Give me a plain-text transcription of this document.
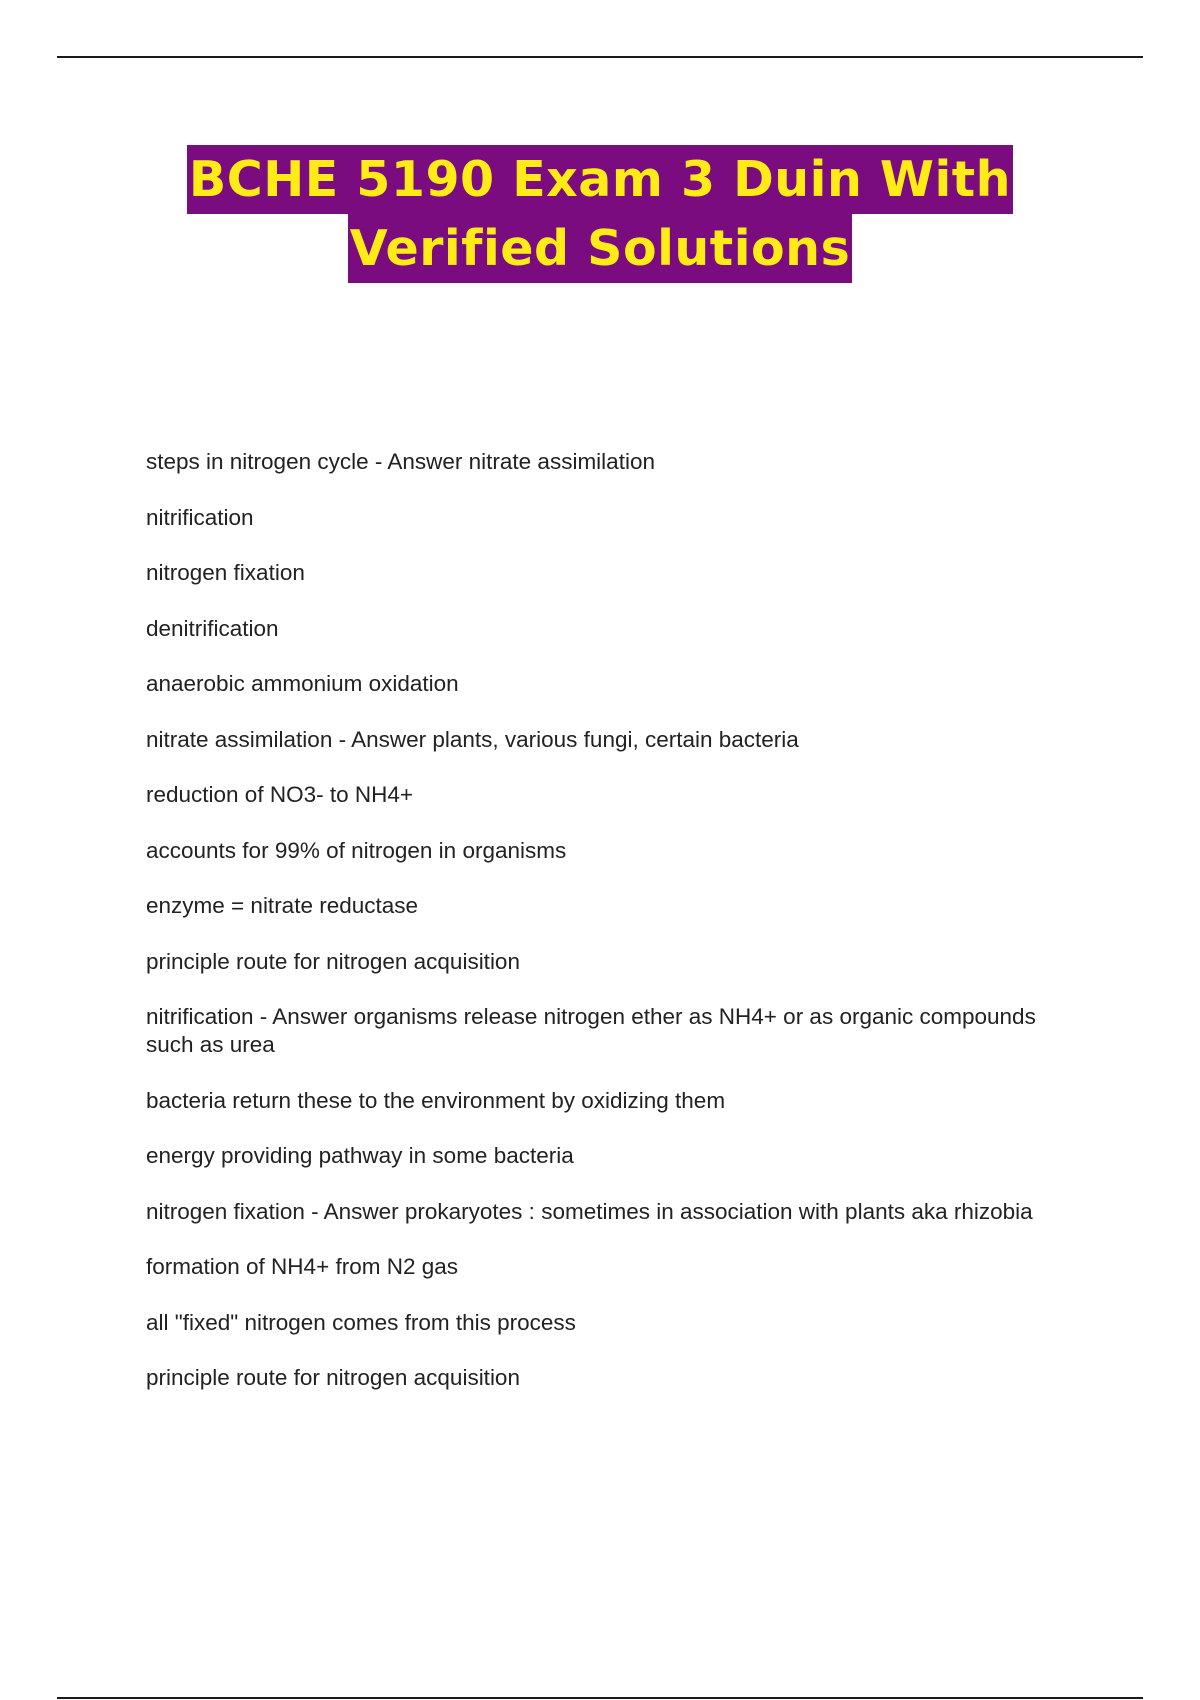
BCHE 5190 Exam 3 Duin With
Verified Solutions

steps in nitrogen cycle - Answer nitrate assimilation

nitrification

nitrogen fixation

denitrification

anaerobic ammonium oxidation

nitrate assimilation - Answer plants, various fungi, certain bacteria

reduction of NO3- to NH4+

accounts for 99% of nitrogen in organisms

enzyme = nitrate reductase

principle route for nitrogen acquisition

nitrification - Answer organisms release nitrogen ether as NH4+ or as organic compounds such as urea

bacteria return these to the environment by oxidizing them

energy providing pathway in some bacteria

nitrogen fixation - Answer prokaryotes : sometimes in association with plants aka rhizobia

formation of NH4+ from N2 gas

all "fixed" nitrogen comes from this process

principle route for nitrogen acquisition
